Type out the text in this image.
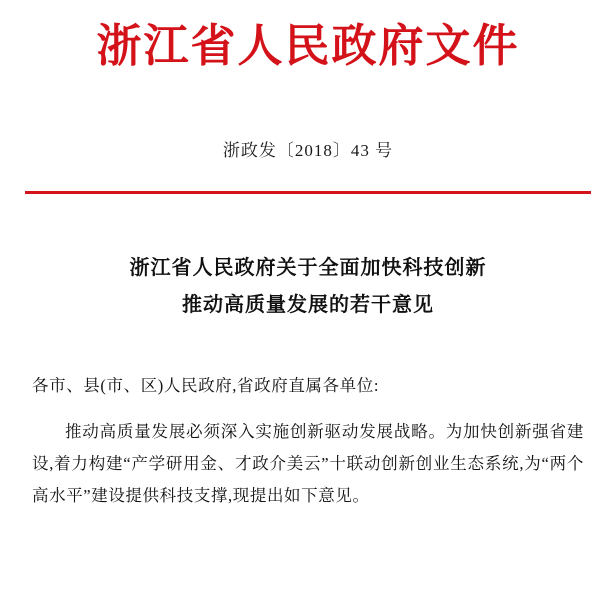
浙江省人民政府文件
浙政发〔2018〕43 号
浙江省人民政府关于全面加快科技创新
推动高质量发展的若干意见

各市、县(市、区)人民政府,省政府直属各单位:

推动高质量发展必须深入实施创新驱动发展战略。为加快创新强省建设,着力构建“产学研用金、才政介美云”十联动创新创业生态系统,为“两个高水平”建设提供科技支撑,现提出如下意见。
